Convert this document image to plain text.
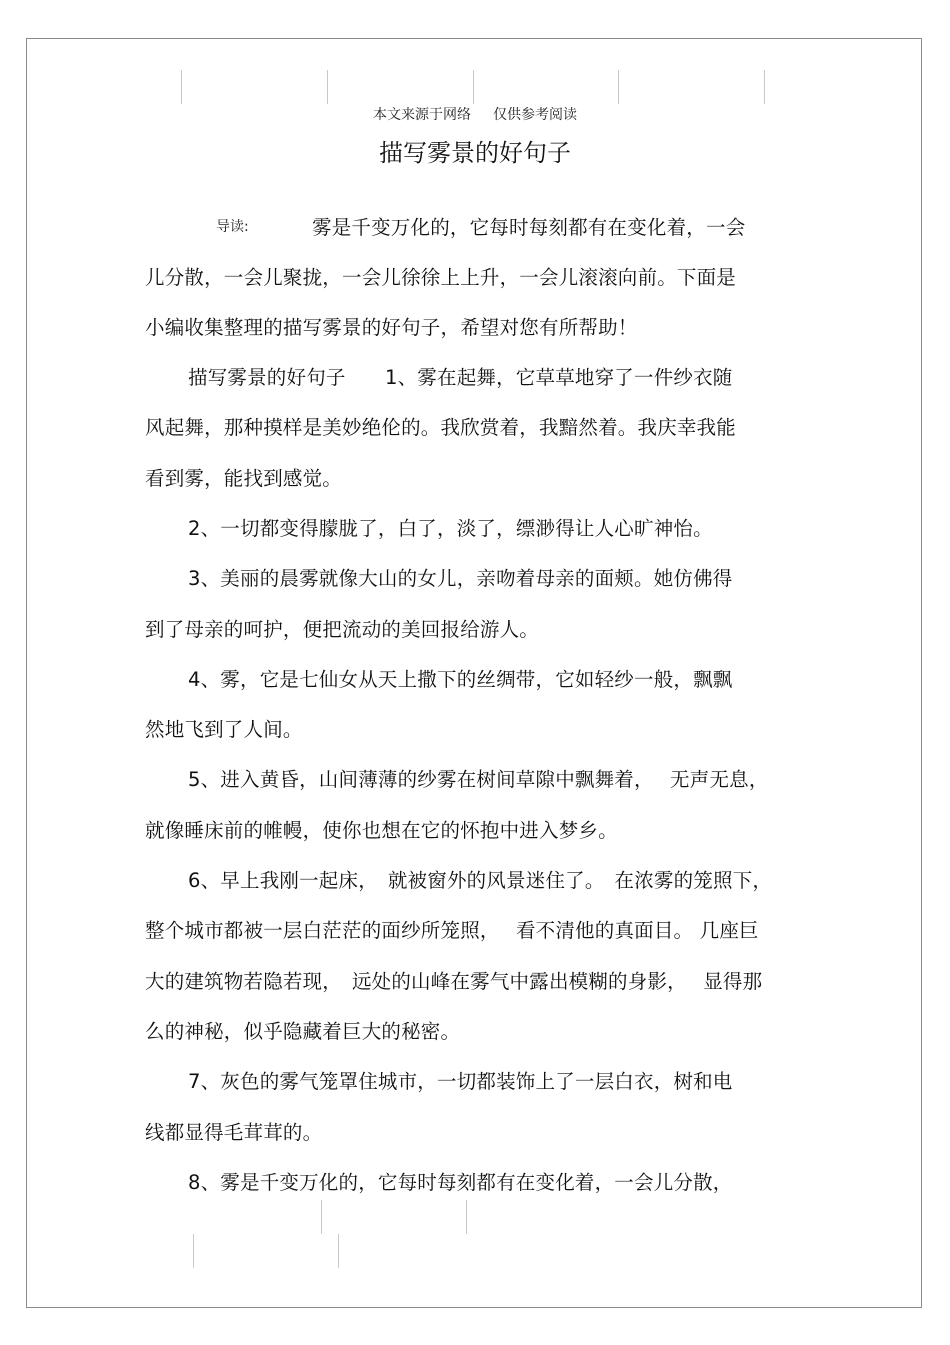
本文来源于网络 仅供参考阅读
描写雾景的好句子
导读:	雾是千变万化的，它每时每刻都有在变化着，一会
儿分散，一会儿聚拢，一会儿徐徐上上升，一会儿滚滚向前。下面是
小编收集整理的描写雾景的好句子，希望对您有所帮助！
描写雾景的好句子　　1、雾在起舞，它草草地穿了一件纱衣随
风起舞，那种摸样是美妙绝伦的。我欣赏着，我黯然着。我庆幸我能
看到雾，能找到感觉。
2、一切都变得朦胧了，白了，淡了，缥渺得让人心旷神怡。
3、美丽的晨雾就像大山的女儿，亲吻着母亲的面颊。她仿佛得
到了母亲的呵护，便把流动的美回报给游人。
4、雾，它是七仙女从天上撒下的丝绸带，它如轻纱一般，飘飘
然地飞到了人间。
5、进入黄昏，山间薄薄的纱雾在树间草隙中飘舞着，　 无声无息，
就像睡床前的帷幔，使你也想在它的怀抱中进入梦乡。
6、早上我刚一起床，　就被窗外的风景迷住了。　在浓雾的笼照下，
整个城市都被一层白茫茫的面纱所笼照，　 看不清他的真面目。 几座巨
大的建筑物若隐若现，　远处的山峰在雾气中露出模糊的身影，　 显得那
么的神秘，似乎隐藏着巨大的秘密。
7、灰色的雾气笼罩住城市，一切都装饰上了一层白衣，树和电
线都显得毛茸茸的。
8、雾是千变万化的，它每时每刻都有在变化着，一会儿分散，
